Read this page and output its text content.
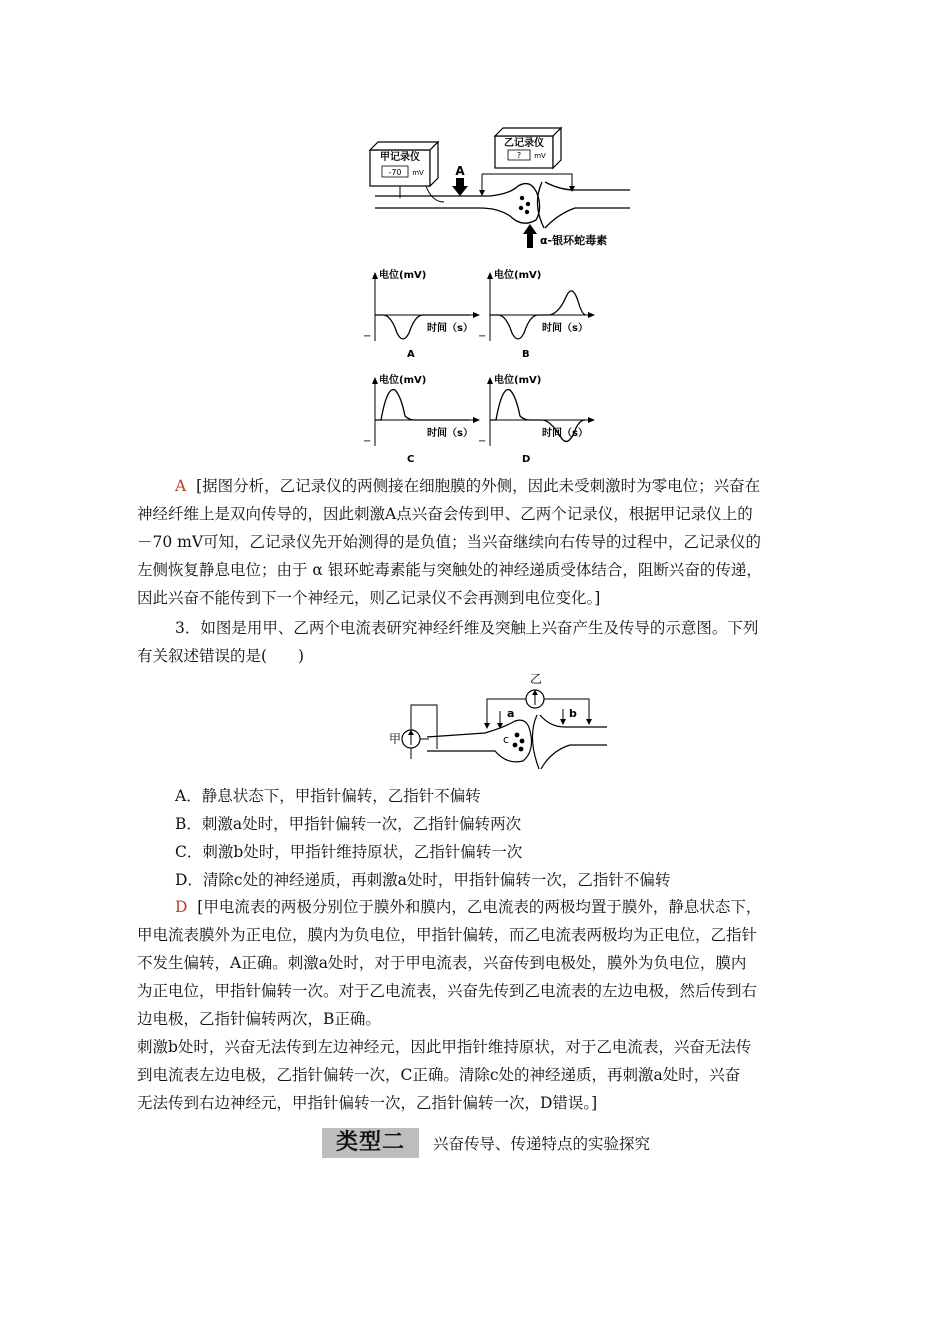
甲记录仪
-70 mV
乙记录仪
? mV
A
α-银环蛇毒素
电位(mV)
时间（s）
−
A
电位(mV)
时间（s）
−
B
电位(mV)
时间（s）
−
C
电位(mV)
时间（s）
−
D
A [据图分析，乙记录仪的两侧接在细胞膜的外侧，因此未受刺激时为零电位；兴奋在
神经纤维上是双向传导的，因此刺激A点兴奋会传到甲、乙两个记录仪，根据甲记录仪上的
－70 mV可知，乙记录仪先开始测得的是负值；当兴奋继续向右传导的过程中，乙记录仪的
左侧恢复静息电位；由于 α 银环蛇毒素能与突触处的神经递质受体结合，阻断兴奋的传递，
因此兴奋不能传到下一个神经元，则乙记录仪不会再测到电位变化。]
3．如图是用甲、乙两个电流表研究神经纤维及突触上兴奋产生及传导的示意图。下列
有关叙述错误的是(　　)
甲	c
乙
a	b
A．静息状态下，甲指针偏转，乙指针不偏转
B．刺激a处时，甲指针偏转一次，乙指针偏转两次
C．刺激b处时，甲指针维持原状，乙指针偏转一次
D．清除c处的神经递质，再刺激a处时，甲指针偏转一次，乙指针不偏转
D [甲电流表的两极分别位于膜外和膜内，乙电流表的两极均置于膜外，静息状态下，
甲电流表膜外为正电位，膜内为负电位，甲指针偏转，而乙电流表两极均为正电位，乙指针
不发生偏转，A正确。刺激a处时，对于甲电流表，兴奋传到电极处，膜外为负电位，膜内
为正电位，甲指针偏转一次。对于乙电流表，兴奋先传到乙电流表的左边电极，然后传到右
边电极，乙指针偏转两次，B正确。
刺激b处时，兴奋无法传到左边神经元，因此甲指针维持原状，对于乙电流表，兴奋无法传
到电流表左边电极，乙指针偏转一次，C正确。清除c处的神经递质，再刺激a处时，兴奋
无法传到右边神经元，甲指针偏转一次，乙指针偏转一次，D错误。]
类型二	兴奋传导、传递特点的实验探究
